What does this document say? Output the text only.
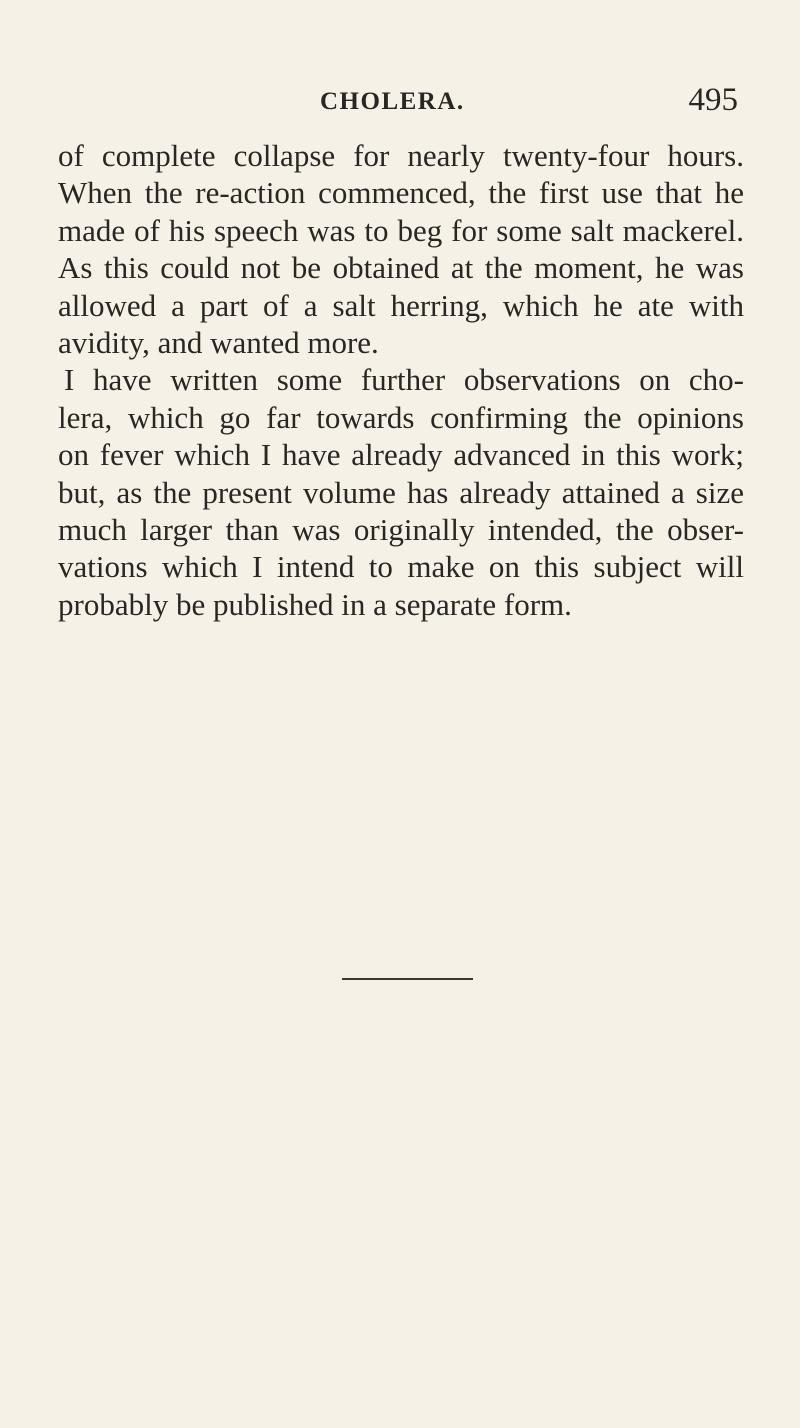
CHOLERA.	495
of complete collapse for nearly twenty-four hours.
When the re-action commenced, the first use that he
made of his speech was to beg for some salt mackerel.
As this could not be obtained at the moment, he was
allowed a part of a salt herring, which he ate with
avidity, and wanted more.
I have written some further observations on cho-
lera, which go far towards confirming the opinions
on fever which I have already advanced in this work;
but, as the present volume has already attained a size
much larger than was originally intended, the obser-
vations which I intend to make on this subject will
probably be published in a separate form.
